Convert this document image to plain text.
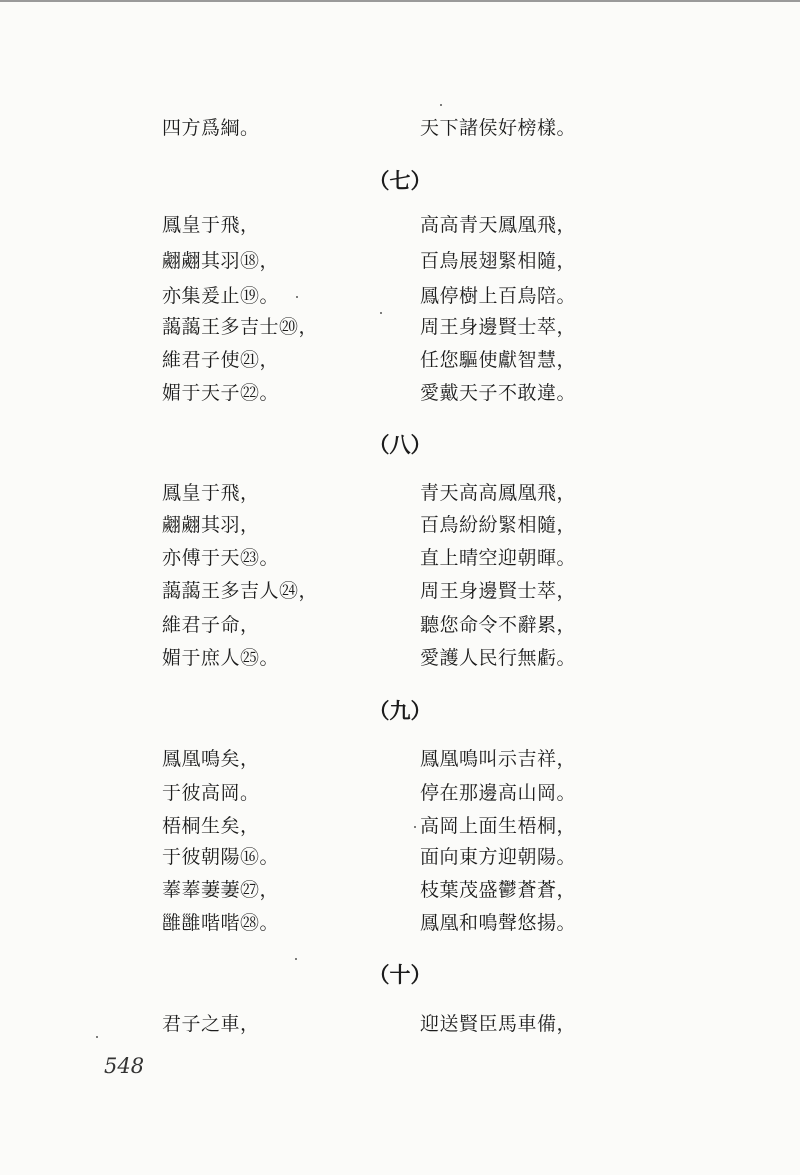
四方爲綱。	天下諸侯好榜樣。
（七）
鳳皇于飛，	高高青天鳳凰飛，
翽翽其羽⑱，	百鳥展翅緊相隨，
亦集爰止⑲。	鳳停樹上百鳥陪。
藹藹王多吉士⑳，	周王身邊賢士萃，
維君子使㉑，	任您驅使獻智慧，
媚于天子㉒。	愛戴天子不敢違。
（八）
鳳皇于飛，	青天高高鳳凰飛，
翽翽其羽，	百鳥紛紛緊相隨，
亦傅于天㉓。	直上晴空迎朝暉。
藹藹王多吉人㉔，	周王身邊賢士萃，
維君子命，	聽您命令不辭累，
媚于庶人㉕。	愛護人民行無虧。
（九）
鳳凰鳴矣，	鳳凰鳴叫示吉祥，
于彼高岡。	停在那邊高山岡。
梧桐生矣，	高岡上面生梧桐，
于彼朝陽⑯。	面向東方迎朝陽。
菶菶萋萋㉗，	枝葉茂盛鬱蒼蒼，
雝雝喈喈㉘。	鳳凰和鳴聲悠揚。
（十）
君子之車，	迎送賢臣馬車備，
548
